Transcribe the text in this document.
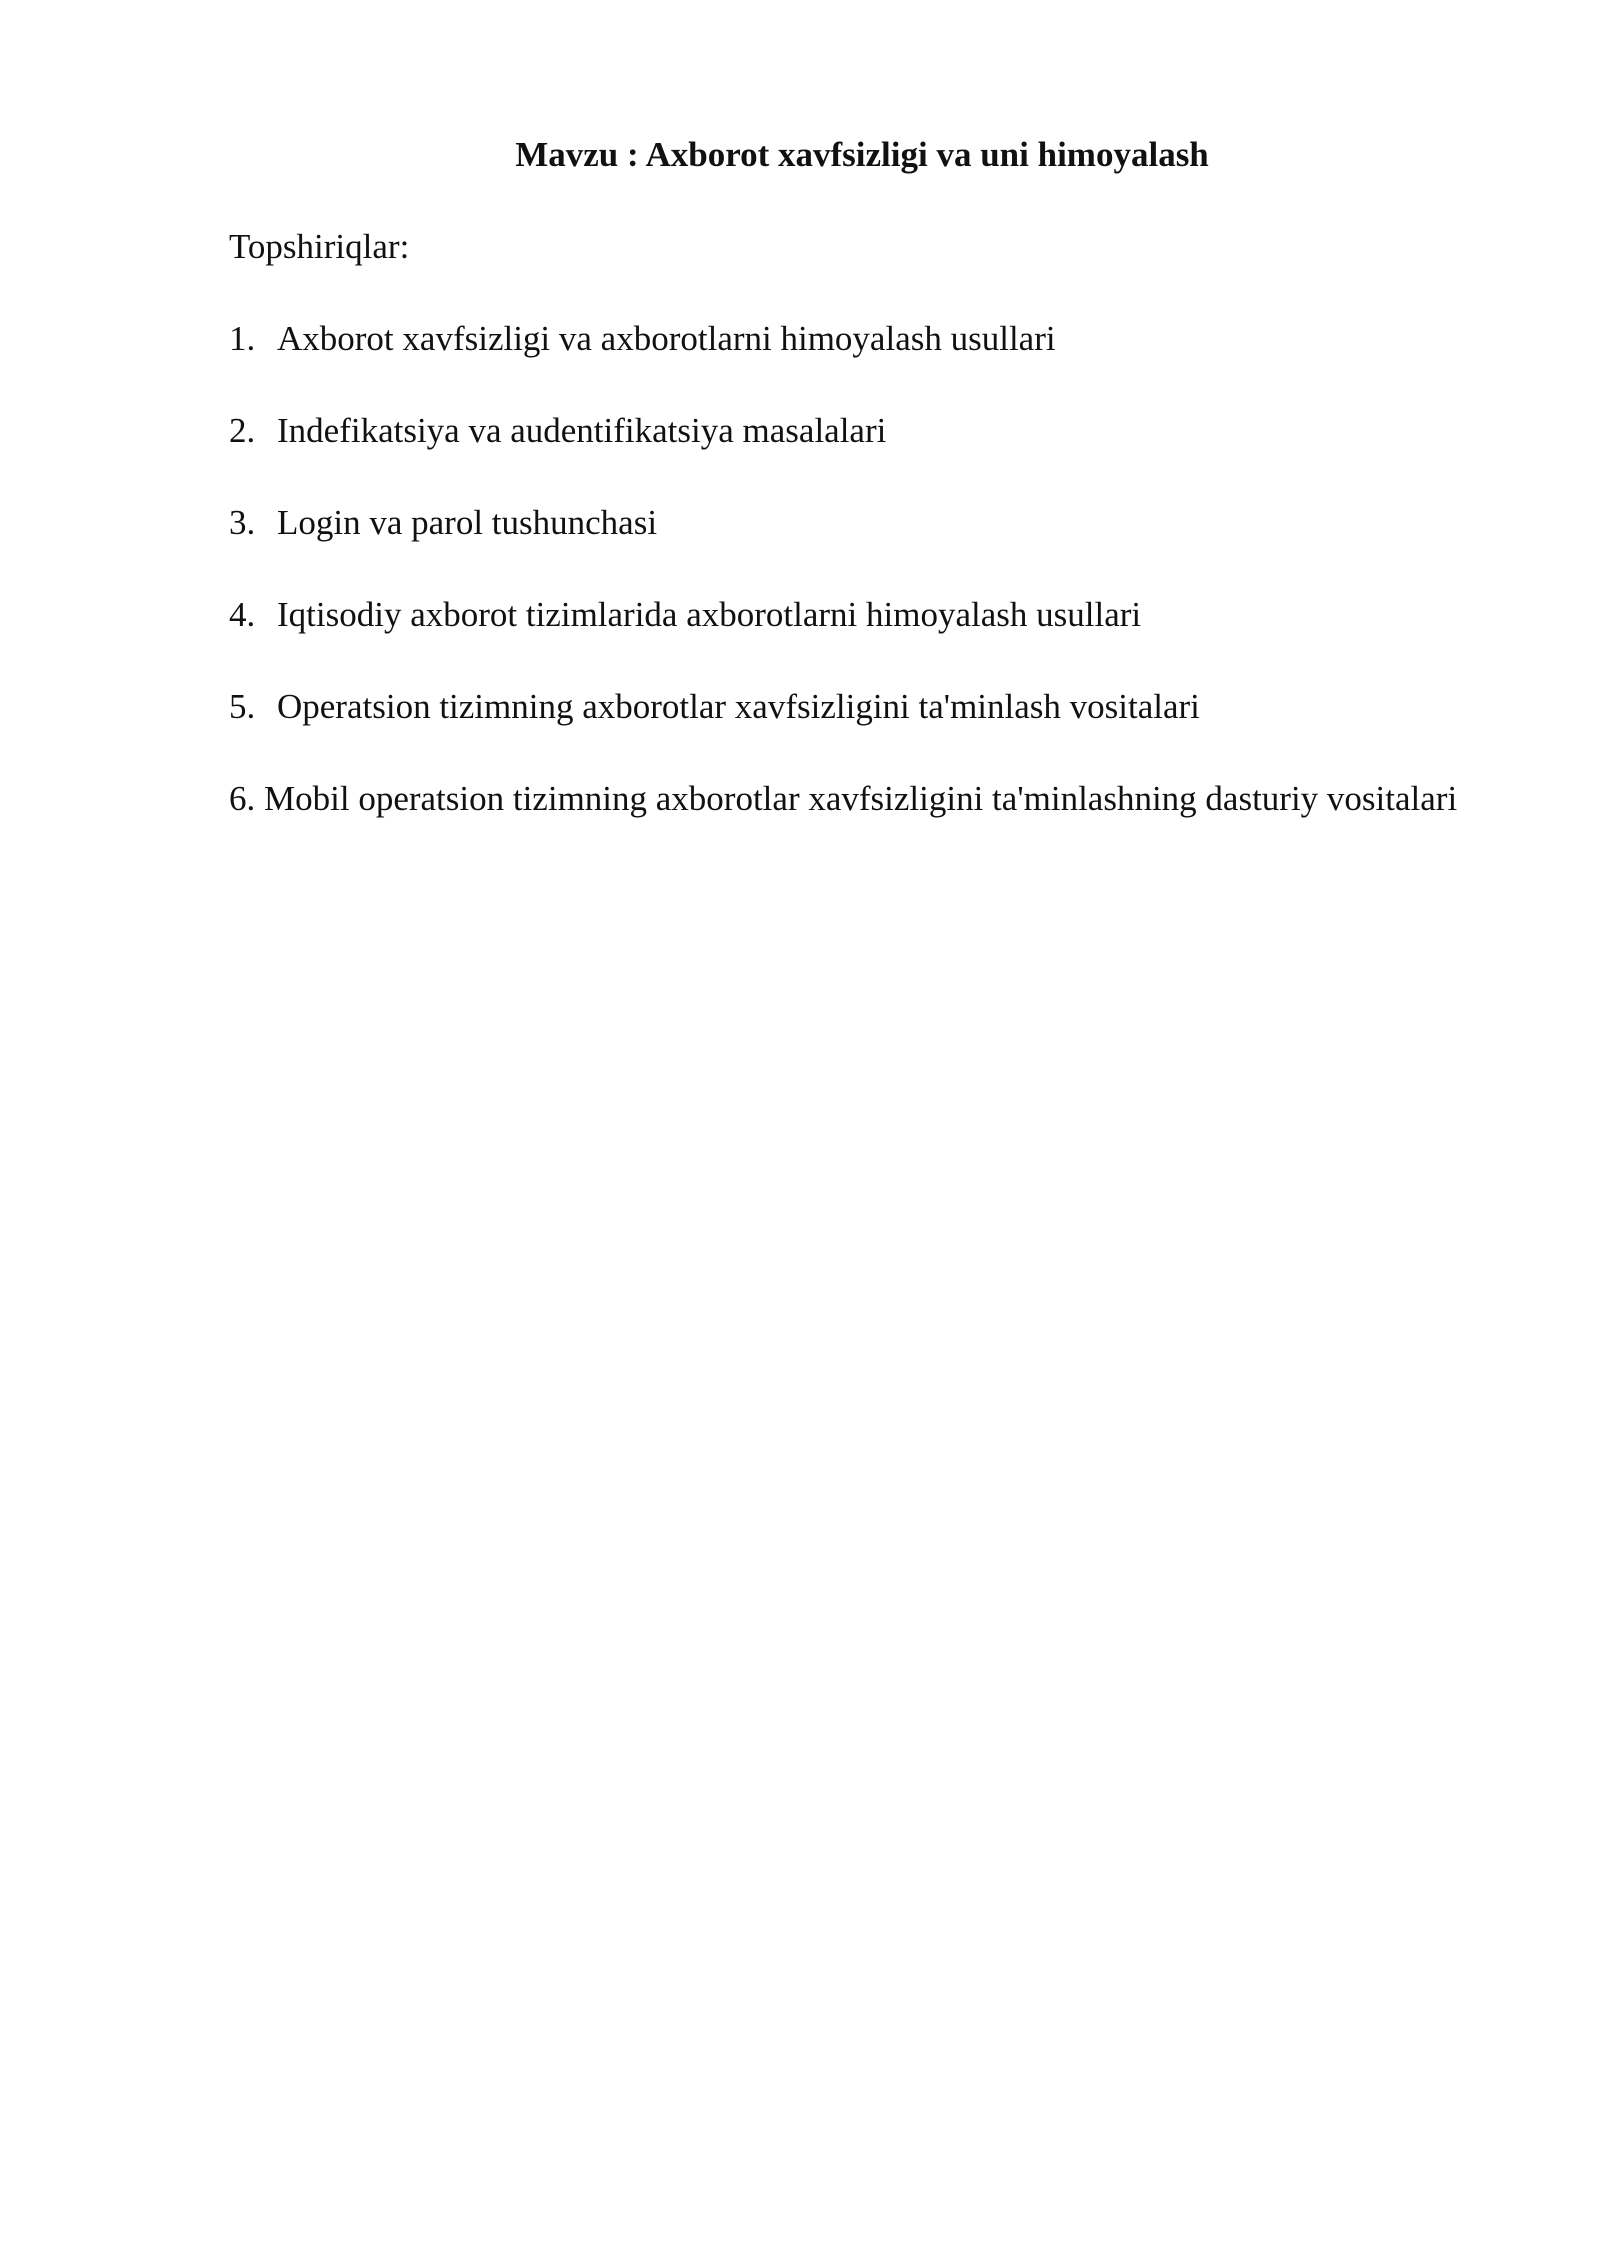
Mavzu : Axborot xavfsizligi va uni himoyalash
Topshiriqlar:
1. Axborot xavfsizligi va axborotlarni himoyalash usullari
2. Indefikatsiya va audentifikatsiya masalalari
3. Login va parol tushunchasi
4. Iqtisodiy axborot tizimlarida axborotlarni himoyalash usullari
5. Operatsion tizimning axborotlar xavfsizligini ta'minlash vositalari
6. Mobil operatsion tizimning axborotlar xavfsizligini ta'minlashning dasturiy vositalari
